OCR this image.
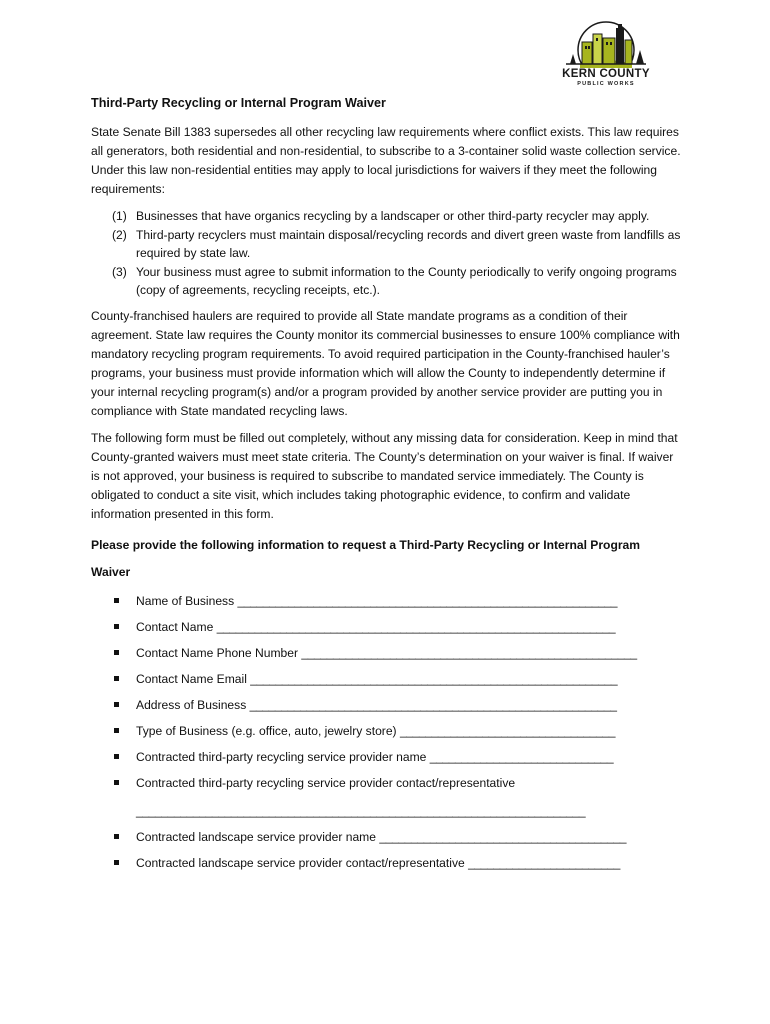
KERN COUNTY
PUBLIC WORKS
Third-Party Recycling or Internal Program Waiver

State Senate Bill 1383 supersedes all other recycling law requirements where conflict exists. This law requires all generators, both residential and non-residential, to subscribe to a 3-container solid waste collection service. Under this law non-residential entities may apply to local jurisdictions for waivers if they meet the following requirements:

(1) Businesses that have organics recycling by a landscaper or other third-party recycler may apply.
(2) Third-party recyclers must maintain disposal/recycling records and divert green waste from landfills as required by state law.
(3) Your business must agree to submit information to the County periodically to verify ongoing programs (copy of agreements, recycling receipts, etc.).

County-franchised haulers are required to provide all State mandate programs as a condition of their agreement. State law requires the County monitor its commercial businesses to ensure 100% compliance with mandatory recycling program requirements. To avoid required participation in the County-franchised hauler’s programs, your business must provide information which will allow the County to independently determine if your internal recycling program(s) and/or a program provided by another service provider are putting you in compliance with State mandated recycling laws.

The following form must be filled out completely, without any missing data for consideration. Keep in mind that County-granted waivers must meet state criteria. The County’s determination on your waiver is final. If waiver is not approved, your business is required to subscribe to mandated service immediately. The County is obligated to conduct a site visit, which includes taking photographic evidence, to confirm and validate information presented in this form.

Please provide the following information to request a Third-Party Recycling or Internal Program Waiver
Name of Business ____________________________________________________________
Contact Name _______________________________________________________________
Contact Name Phone Number _____________________________________________________
Contact Name Email __________________________________________________________
Address of Business __________________________________________________________
Type of Business (e.g. office, auto, jewelry store) __________________________________
Contracted third-party recycling service provider name _____________________________
Contracted third-party recycling service provider contact/representative
_______________________________________________________________________
Contracted landscape service provider name _______________________________________
Contracted landscape service provider contact/representative ________________________
